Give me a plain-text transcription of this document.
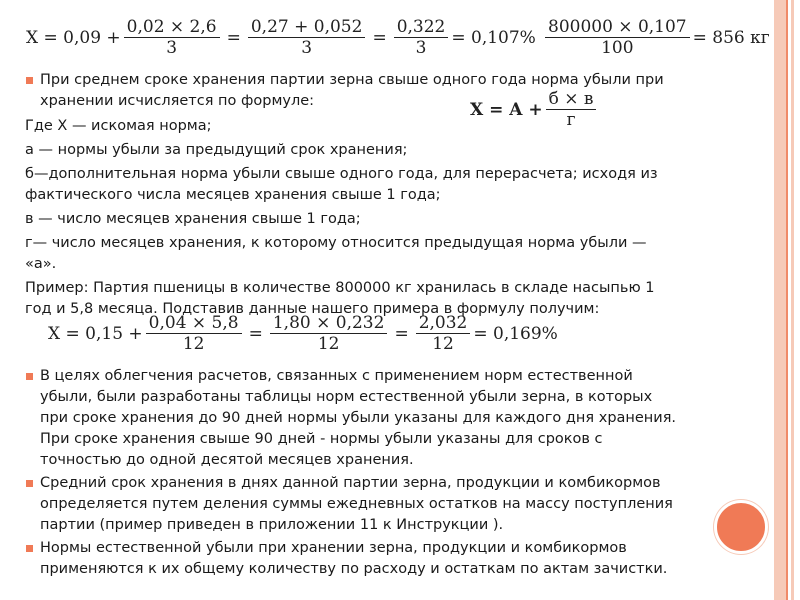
$X = 0,09 + \frac{0,02 \times 2,6}{3} = \frac{0,27 + 0,052}{3} = \frac{0,322}{3} = 0,107\% \frac{800000 \times 0,107}{100} = 856$ кг
При среднем сроке хранения партии зерна свыше одного года норма убыли при
хранении исчисляется по формуле:	$X = A + \frac{б \times в}{г}$
Где X — искомая норма;
а — нормы убыли за предыдущий срок хранения;
б—дополнительная норма убыли свыше одного года, для перерасчета; исходя из
фактического числа месяцев хранения свыше 1 года;
в — число месяцев хранения свыше 1 года;
г— число месяцев хранения, к которому относится предыдущая норма убыли —
«а».
Пример: Партия пшеницы в количестве 800000 кг хранилась в складе насыпью 1
год и 5,8 месяца. Подставив данные нашего примера в формулу получим:
$X = 0,15 + \frac{0,04 \times 5,8}{12} = \frac{1,80 \times 0,232}{12} = \frac{2,032}{12} = 0,169\%$
В целях облегчения расчетов, связанных с применением норм естественной
убыли, были разработаны таблицы норм естественной убыли зерна, в которых
при сроке хранения до 90 дней нормы убыли указаны для каждого дня хранения.
При сроке хранения свыше 90 дней - нормы убыли указаны для сроков с
точностью до одной десятой месяцев хранения.
Средний срок хранения в днях данной партии зерна, продукции и комбикормов
определяется путем деления суммы ежедневных остатков на массу поступления
партии (пример приведен в приложении 11 к Инструкции ).
Нормы естественной убыли при хранении зерна, продукции и комбикормов
применяются к их общему количеству по расходу и остаткам по актам зачистки.
